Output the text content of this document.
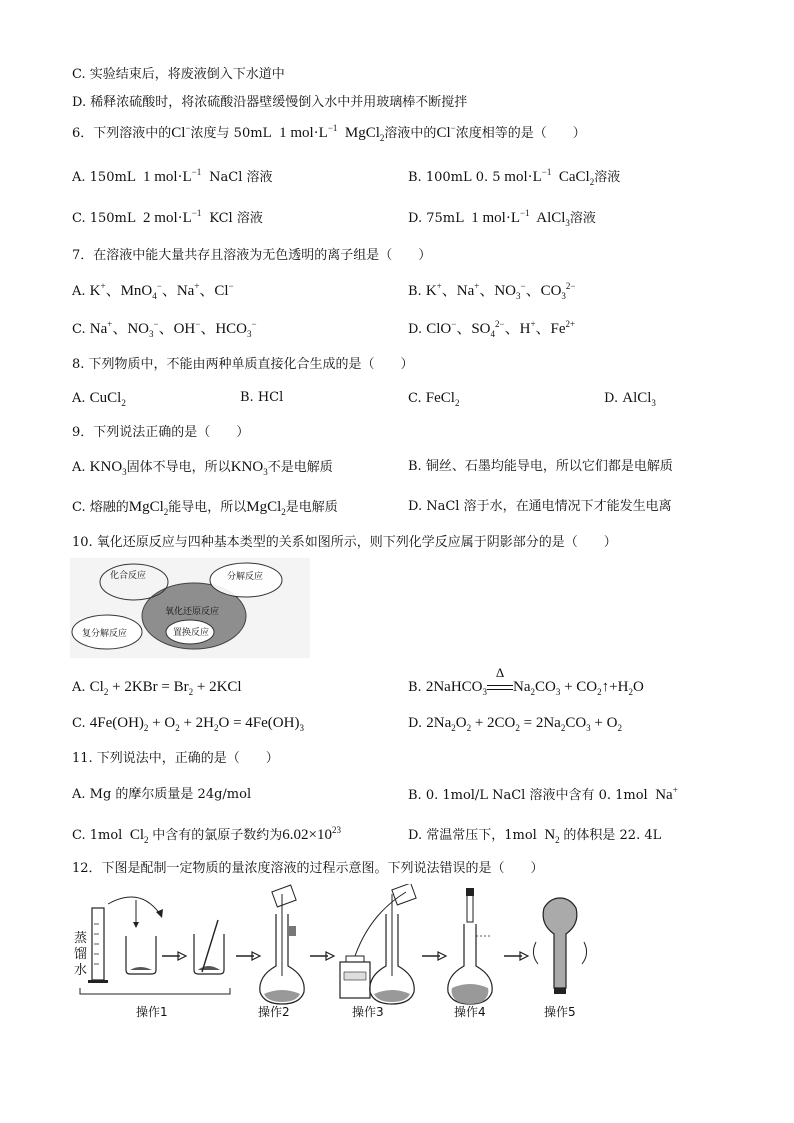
C. 实验结束后，将废液倒入下水道中
D. 稀释浓硫酸时，将浓硫酸沿器壁缓慢倒入水中并用玻璃棒不断搅拌
6．下列溶液中的Cl−浓度与 50mL  1 $mol\cdot L^{-1}$  MgCl$_2$溶液中的Cl−浓度相等的是（　　）
A. 150mL  1 $mol\cdot L^{-1}$ NaCl 溶液	B. 100mL 0. 5 $mol\cdot L^{-1}$  CaCl$_2$溶液
C. 150mL  2 $mol\cdot L^{-1}$ KCl 溶液	D. 75mL  1 $mol\cdot L^{-1}$  AlCl$_3$溶液
7．在溶液中能大量共存且溶液为无色透明的离子组是（　　）
A. K+、MnO$_4$−、Na+、Cl−	B. K+、Na+、$NO_3^-$、$CO_3^{2-}$
C. Na+、$NO_3^-$、OH−、$HCO_3^-$	D. ClO−、$SO_4^{2-}$、H+、$Fe^{2+}$
8. 下列物质中，不能由两种单质直接化合生成的是（　　）
A. CuCl$_2$	B. HCl	C. FeCl$_2$	D. AlCl$_3$
9．下列说法正确的是（　　）
A. $KNO_3$固体不导电，所以$KNO_3$不是电解质	B. 铜丝、石墨均能导电，所以它们都是电解质
C. 熔融的MgCl$_2$能导电，所以MgCl$_2$是电解质	D. NaCl 溶于水，在通电情况下才能发生电离
10. 氧化还原反应与四种基本类型的关系如图所示，则下列化学反应属于阴影部分的是（　　）
化合反应	分解反应
氧化还原反应
置换反应
复分解反应
A. $Cl_2 + 2KBr = Br_2 + 2KCl$	B. 2NaHCO$_3$
Δ
$Na_2CO_3$ + $CO_2↑+H_2O$
C. $4Fe(OH)_2 + O_2 + 2H_2O = 4Fe(OH)_3$	D. $2Na_2O_2 + 2CO_2 = 2Na_2CO_3 + O_2$
11. 下列说法中，正确的是（　　）
A. Mg 的摩尔质量是 24g/mol	B. 0. 1mol/L NaCl 溶液中含有 0. 1mol  Na+
C. 1mol  $Cl_2$ 中含有的氯原子数约为$6.02\times 10^{23}$	D. 常温常压下，1mol  $N_2$ 的体积是 22. 4L
12．下图是配制一定物质的量浓度溶液的过程示意图。下列说法错误的是（　　）
蒸
馏
水
操作1	操作2	操作3	操作4	操作5
